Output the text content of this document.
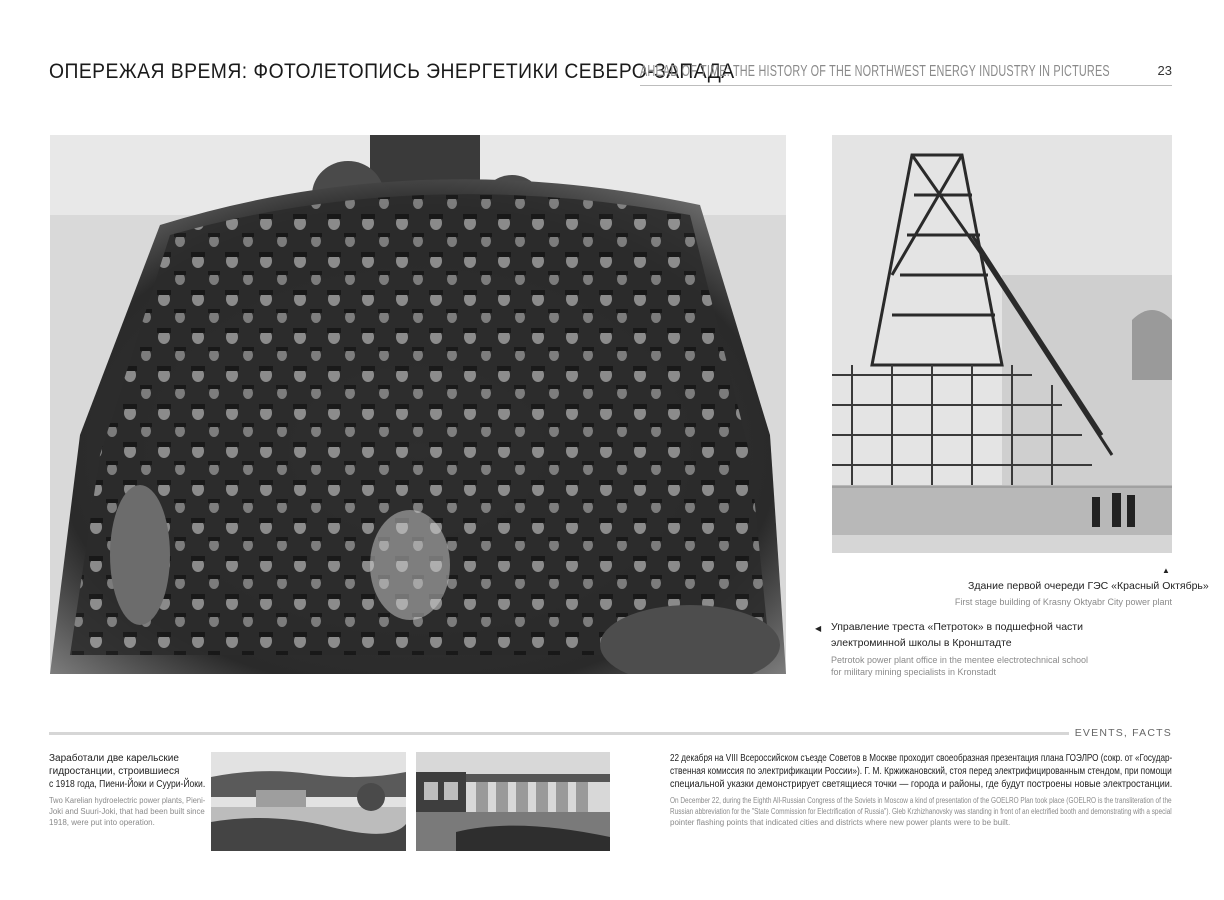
ОПЕРЕЖАЯ ВРЕМЯ: ФОТОЛЕТОПИСЬ ЭНЕРГЕТИКИ СЕВЕРО-ЗАПАДА
AHEAD OF TIME: THE HISTORY OF THE NORTHWEST ENERGY INDUSTRY IN PICTURES	23
▲
Здание первой очереди ГЭС «Красный Октябрь»
First stage building of Krasny Oktyabr City power plant
◀ Управление треста «Петроток» в подшефной части
электроминной школы в Кронштадте
Petrotok power plant office in the mentee electrotechnical school
for military mining specialists in Kronstadt
EVENTS, FACTS
Заработали две карельские
гидростанции, строившиеся
с 1918 года, Пиени-Йоки и Суури-Йоки.
Two Karelian hydroelectric power plants, Pieni-
Joki and Suuri-Joki, that had been built since
1918, were put into operation.
22 декабря на VIII Всероссийском съезде Советов в Москве проходит своеобразная презентация плана ГОЭЛРО (сокр. от «Государ-
ственная комиссия по электрификации России»). Г. М. Кржижановский, стоя перед электрифицированным стендом, при помощи
специальной указки демонстрирует светящиеся точки — города и районы, где будут построены новые электростанции.
On December 22, during the Eighth All-Russian Congress of the Soviets in Moscow a kind of presentation of the GOELRO Plan took place (GOELRO is the transliteration of the
Russian abbreviation for the "State Commission for Electrification of Russia"). Gleb Krzhizhanovsky was standing in front of an electrified booth and demonstrating with a special
pointer flashing points that indicated cities and districts where new power plants were to be built.
